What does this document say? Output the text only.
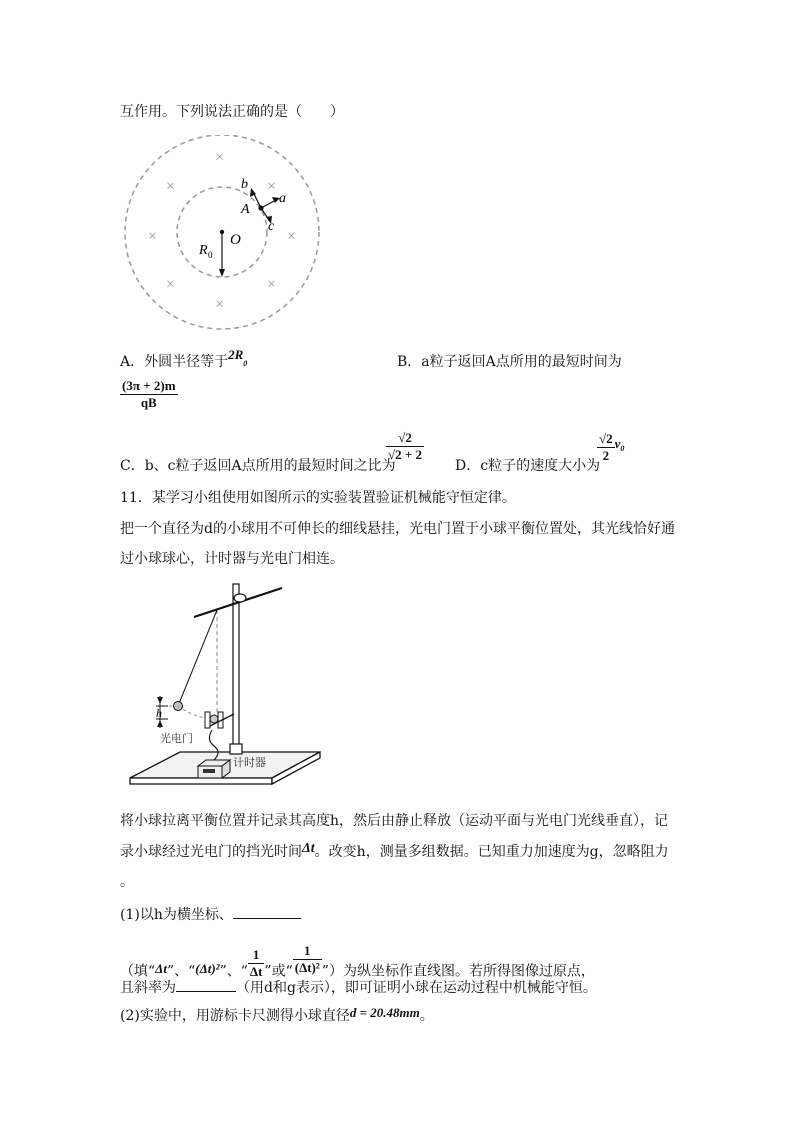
互作用。下列说法正确的是（　　）
×
×	×
×	×
×	×
×
O
R 0
A
b
a
c
A．外圆半径等于$2R_0$	B．a粒子返回A点所用的最短时间为
$\frac{(3\pi + 2)m}{qB}$
C．b、c粒子返回A点所用的最短时间之比为
$\frac{√2}{√2 + 2}$
D．c粒子的速度大小为
$\frac{√2}{2} v_0$
11．某学习小组使用如图所示的实验装置验证机械能守恒定律。
把一个直径为d的小球用不可伸长的细线悬挂，光电门置于小球平衡位置处，其光线恰好通
过小球球心，计时器与光电门相连。
h
光电门
计时器
将小球拉离平衡位置并记录其高度h，然后由静止释放（运动平面与光电门光线垂直），记
录小球经过光电门的挡光时间Δt。改变h，测量多组数据。已知重力加速度为g，忽略阻力
。
(1)以h为横坐标、
（填“Δt”、“(Δt)²”、“ $\frac{1}{\Delta t}$ ”或“ $\frac{1}{\text{(Δt)²}}$ ”）为纵坐标作直线图。若所得图像过原点，
且斜率为	（用d和g表示），即可证明小球在运动过程中机械能守恒。
(2)实验中，用游标卡尺测得小球直径d = 20.48mm。
